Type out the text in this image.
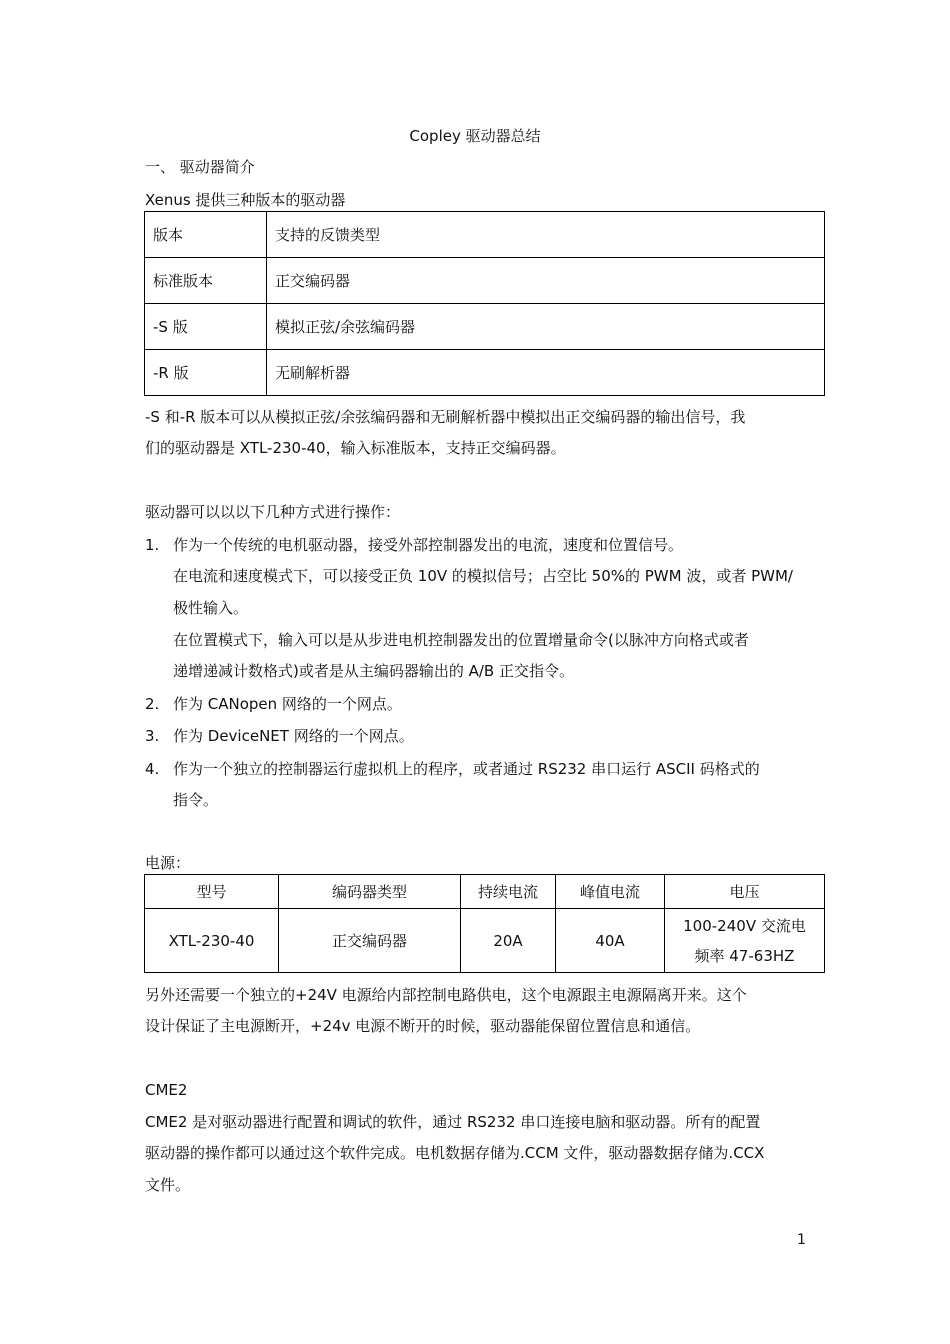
Copley 驱动器总结
一、 驱动器简介
Xenus 提供三种版本的驱动器
版本	支持的反馈类型
标准版本	正交编码器
-S 版	模拟正弦/余弦编码器
-R 版	无刷解析器
-S 和-R 版本可以从模拟正弦/余弦编码器和无刷解析器中模拟出正交编码器的输出信号，我
们的驱动器是 XTL-230-40，输入标准版本，支持正交编码器。
驱动器可以以以下几种方式进行操作：
1. 作为一个传统的电机驱动器，接受外部控制器发出的电流，速度和位置信号。
在电流和速度模式下，可以接受正负 10V 的模拟信号；占空比 50%的 PWM 波，或者 PWM/
极性输入。
在位置模式下，输入可以是从步进电机控制器发出的位置增量命令(以脉冲方向格式或者
递增递减计数格式)或者是从主编码器输出的 A/B 正交指令。
2. 作为 CANopen 网络的一个网点。
3. 作为 DeviceNET 网络的一个网点。
4. 作为一个独立的控制器运行虚拟机上的程序，或者通过 RS232 串口运行 ASCII 码格式的
指令。
电源：
型号	编码器类型	持续电流	峰值电流	电压
XTL-230-40	正交编码器	20A	40A	100-240V 交流电
频率 47-63HZ
另外还需要一个独立的+24V 电源给内部控制电路供电，这个电源跟主电源隔离开来。这个
设计保证了主电源断开，+24v 电源不断开的时候，驱动器能保留位置信息和通信。
CME2
CME2 是对驱动器进行配置和调试的软件，通过 RS232 串口连接电脑和驱动器。所有的配置
驱动器的操作都可以通过这个软件完成。电机数据存储为.CCM 文件，驱动器数据存储为.CCX
文件。
1
